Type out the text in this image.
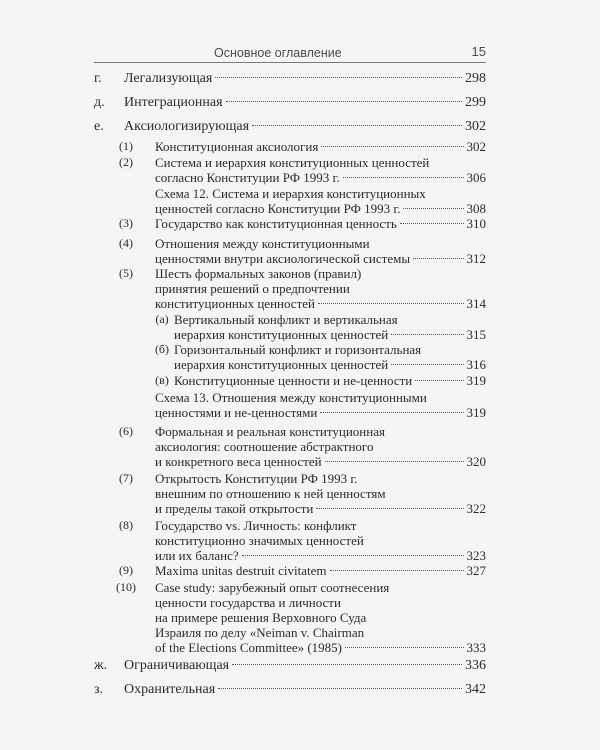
Основное оглавление	15
г.	Легализующая	298
д.	Интеграционная	299
е.	Аксиологизирующая	302
(1)	Конституционная аксиология	302
(2)	Система и иерархия конституционных ценностей
согласно Конституции РФ 1993 г.	306
Схема 12. Система и иерархия конституционных
ценностей согласно Конституции РФ 1993 г.	308
(3)	Государство как конституционная ценность	310
(4)	Отношения между конституционными
ценностями внутри аксиологической системы	312
(5)	Шесть формальных законов (правил)
принятия решений о предпочтении
конституционных ценностей	314
(а) Вертикальный конфликт и вертикальная
иерархия конституционных ценностей	315
(б) Горизонтальный конфликт и горизонтальная
иерархия конституционных ценностей	316
(в) Конституционные ценности и не-ценности	319
Схема 13. Отношения между конституционными
ценностями и не-ценностями	319
(6)	Формальная и реальная конституционная
аксиология: соотношение абстрактного
и конкретного веса ценностей	320
(7)	Открытость Конституции РФ 1993 г.
внешним по отношению к ней ценностям
и пределы такой открытости	322
(8)	Государство vs. Личность: конфликт
конституционно значимых ценностей
или их баланс?	323
(9)	Maxima unitas destruit civitatem	327
(10)	Case study: зарубежный опыт соотнесения
ценности государства и личности
на примере решения Верховного Суда
Израиля по делу «Neiman v. Chairman
of the Elections Committee» (1985)	333
ж.	Ограничивающая	336
з.	Охранительная	342
